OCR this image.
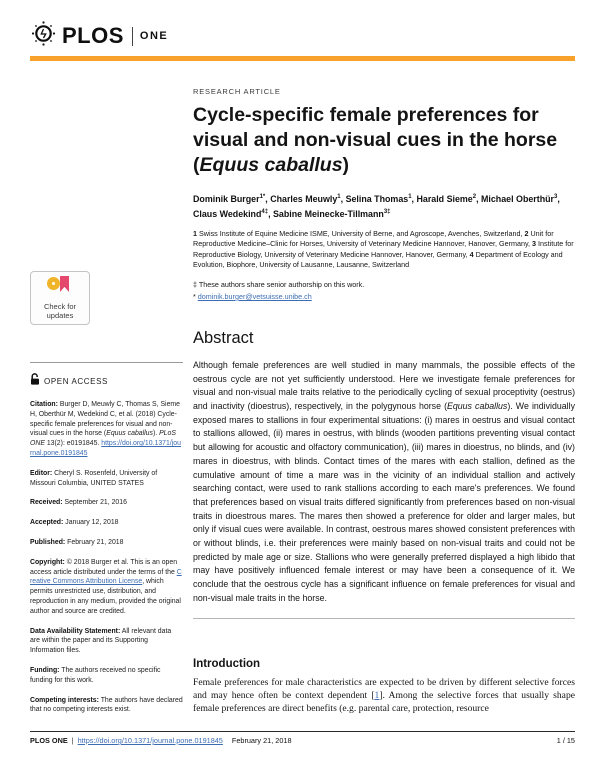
PLOS ONE
Check for
updates
OPEN ACCESS

Citation: Burger D, Meuwly C, Thomas S, Sieme H, Oberthür M, Wedekind C, et al. (2018) Cycle-specific female preferences for visual and non-visual cues in the horse (Equus caballus). PLoS ONE 13(2): e0191845. https://doi.org/10.1371/journal.pone.0191845

Editor: Cheryl S. Rosenfeld, University of Missouri Columbia, UNITED STATES

Received: September 21, 2016

Accepted: January 12, 2018

Published: February 21, 2018

Copyright: © 2018 Burger et al. This is an open access article distributed under the terms of the Creative Commons Attribution License, which permits unrestricted use, distribution, and reproduction in any medium, provided the original author and source are credited.

Data Availability Statement: All relevant data are within the paper and its Supporting Information files.

Funding: The authors received no specific funding for this work.

Competing interests: The authors have declared that no competing interests exist.

RESEARCH ARTICLE
Cycle-specific female preferences for visual and non-visual cues in the horse (Equus caballus)

Dominik Burger$^{1*}$, Charles Meuwly$^1$, Selina Thomas$^1$, Harald Sieme$^2$, Michael Oberthür$^3$, Claus Wedekind$^{4\ddagger}$, Sabine Meinecke-Tillmann$^{3\ddagger}$

1 Swiss Institute of Equine Medicine ISME, University of Berne, and Agroscope, Avenches, Switzerland, 2 Unit for Reproductive Medicine–Clinic for Horses, University of Veterinary Medicine Hannover, Hanover, Germany, 3 Institute for Reproductive Biology, University of Veterinary Medicine Hannover, Hanover, Germany, 4 Department of Ecology and Evolution, Biophore, University of Lausanne, Lausanne, Switzerland

‡ These authors share senior authorship on this work.

* dominik.burger@vetsuisse.unibe.ch

Abstract

Although female preferences are well studied in many mammals, the possible effects of the oestrous cycle are not yet sufficiently understood. Here we investigate female preferences for visual and non-visual male traits relative to the periodically cycling of sexual proceptivity (oestrus) and inactivity (dioestrus), respectively, in the polygynous horse (Equus caballus). We individually exposed mares to stallions in four experimental situations: (i) mares in oestrus and visual contact to stallions allowed, (ii) mares in oestrus, with blinds (wooden partitions preventing visual contact but allowing for acoustic and olfactory communication), (iii) mares in dioestrus, no blinds, and (iv) mares in dioestrus, with blinds. Contact times of the mares with each stallion, defined as the cumulative amount of time a mare was in the vicinity of an individual stallion and actively searching contact, were used to rank stallions according to each mare's preferences. We found that preferences based on visual traits differed significantly from preferences based on non-visual traits in dioestrous mares. The mares then showed a preference for older and larger males, but only if visual cues were available. In contrast, oestrous mares showed consistent preferences with or without blinds, i.e. their preferences were mainly based on non-visual traits and could not be predicted by male age or size. Stallions who were generally preferred displayed a high libido that may have positively influenced female interest or may have been a consequence of it. We conclude that the oestrous cycle has a significant influence on female preferences for visual and non-visual male traits in the horse.

Introduction

Female preferences for male characteristics are expected to be driven by different selective forces and may hence often be context dependent [1]. Among the selective forces that usually shape female preferences are direct benefits (e.g. parental care, protection, resource

PLOS ONE | https://doi.org/10.1371/journal.pone.0191845 February 21, 2018	1 / 15
